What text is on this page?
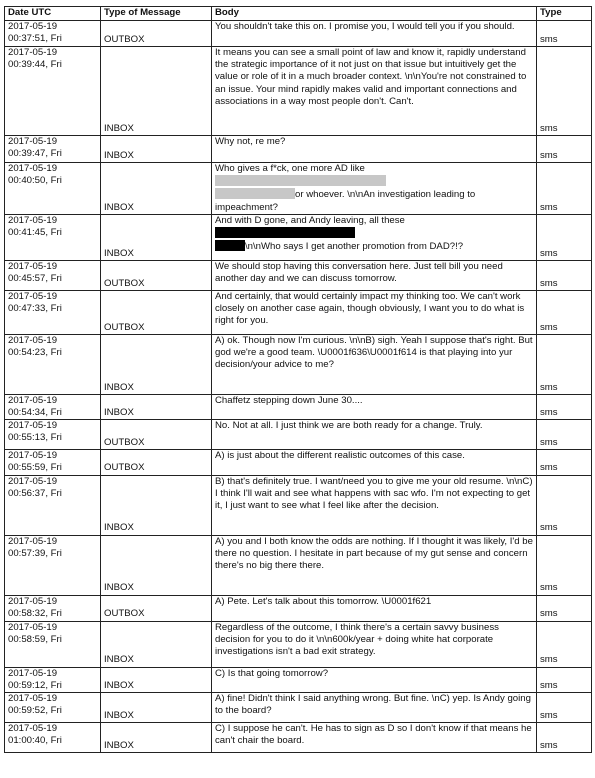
Date UTC	Type of Message	Body	Type
2017-05-19
00:37:51, Fri	OUTBOX	You shouldn't take this on. I promise you, I would tell you if you should.	sms
2017-05-19
00:39:44, Fri	INBOX	It means you can see a small point of law and know it, rapidly understand the strategic importance of it not just on that issue but intuitively get the value or role of it in a much broader context. \n\nYou're not constrained to an issue. Your mind rapidly makes valid and important connections and associations in a way most people don't. Can't.	sms
2017-05-19
00:39:47, Fri	INBOX	Why not, re me?	sms
2017-05-19
00:40:50, Fri	INBOX	Who gives a f*ck, one more AD like
or whoever. \n\nAn investigation leading to impeachment?	sms
2017-05-19
00:41:45, Fri	INBOX	And with D gone, and Andy leaving, all these
\n\nWho says I get another promotion from DAD?!?	sms
2017-05-19
00:45:57, Fri	OUTBOX	We should stop having this conversation here. Just tell bill you need another day and we can discuss tomorrow.	sms
2017-05-19
00:47:33, Fri	OUTBOX	And certainly, that would certainly impact my thinking too. We can't work closely on another case again, though obviously, I want you to do what is right for you.	sms
2017-05-19
00:54:23, Fri	INBOX	A) ok. Though now I'm curious. \n\nB) sigh. Yeah I suppose that's right. But god we're a good team. \U0001f636\U0001f614 is that playing into yur decision/your advice to me?	sms
2017-05-19
00:54:34, Fri	INBOX	Chaffetz stepping down June 30....	sms
2017-05-19
00:55:13, Fri	OUTBOX	No. Not at all. I just think we are both ready for a change. Truly.	sms
2017-05-19
00:55:59, Fri	OUTBOX	A) is just about the different realistic outcomes of this case.	sms
2017-05-19
00:56:37, Fri	INBOX	B) that's definitely true. I want/need you to give me your old resume. \n\nC) I think I'll wait and see what happens with sac wfo. I'm not expecting to get it, I just want to see what I feel like after the decision.	sms
2017-05-19
00:57:39, Fri	INBOX	A) you and I both know the odds are nothing. If I thought it was likely, I'd be there no question. I hesitate in part because of my gut sense and concern there's no big there there.	sms
2017-05-19
00:58:32, Fri	OUTBOX	A) Pete. Let's talk about this tomorrow. \U0001f621	sms
2017-05-19
00:58:59, Fri	INBOX	Regardless of the outcome, I think there's a certain savvy business decision for you to do it \n\n600k/year + doing white hat corporate investigations isn't a bad exit strategy.	sms
2017-05-19
00:59:12, Fri	INBOX	C) Is that going tomorrow?	sms
2017-05-19
00:59:52, Fri	INBOX	A) fine! Didn't think I said anything wrong. But fine. \nC) yep. Is Andy going to the board?	sms
2017-05-19
01:00:40, Fri	INBOX	C) I suppose he can't. He has to sign as D so I don't know if that means he can't chair the board.	sms
